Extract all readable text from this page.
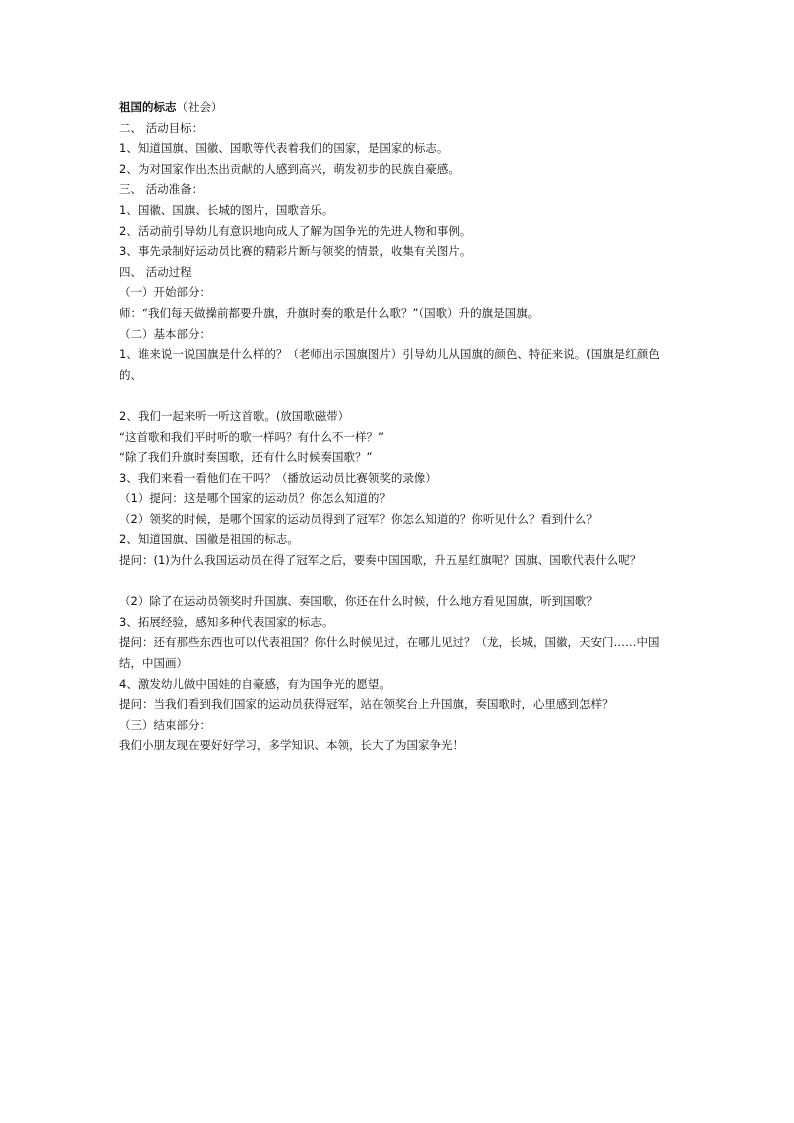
祖国的标志（社会）
二、 活动目标：
1、知道国旗、国徽、国歌等代表着我们的国家，是国家的标志。
2、为对国家作出杰出贡献的人感到高兴，萌发初步的民族自豪感。
三、 活动准备：
1、国徽、国旗、长城的图片，国歌音乐。
2、活动前引导幼儿有意识地向成人了解为国争光的先进人物和事例。
3、事先录制好运动员比赛的精彩片断与领奖的情景，收集有关图片。
四、 活动过程
（一）开始部分：
师：“我们每天做操前都要升旗，升旗时奏的歌是什么歌？”（国歌）升的旗是国旗。
（二）基本部分：
1、谁来说一说国旗是什么样的？（老师出示国旗图片）引导幼儿从国旗的颜色、特征来说。(国旗是红颜色的、
2、我们一起来听一听这首歌。(放国歌磁带）
“这首歌和我们平时听的歌一样吗？有什么不一样？”
“除了我们升旗时奏国歌，还有什么时候奏国歌？”
3、我们来看一看他们在干吗？（播放运动员比赛领奖的录像）
（1）提问：这是哪个国家的运动员？你怎么知道的？
（2）领奖的时候，是哪个国家的运动员得到了冠军？你怎么知道的？你听见什么？看到什么？
2、知道国旗、国徽是祖国的标志。
提问：(1)为什么我国运动员在得了冠军之后，要奏中国国歌，升五星红旗呢？国旗、国歌代表什么呢？
（2）除了在运动员领奖时升国旗、奏国歌，你还在什么时候，什么地方看见国旗，听到国歌？
3、拓展经验，感知多种代表国家的标志。
提问：还有那些东西也可以代表祖国？你什么时候见过，在哪儿见过？（龙，长城，国徽，天安门……中国结，中国画）
4、激发幼儿做中国娃的自豪感，有为国争光的愿望。
提问：当我们看到我们国家的运动员获得冠军，站在领奖台上升国旗，奏国歌时，心里感到怎样？
（三）结束部分：
我们小朋友现在要好好学习，多学知识、本领，长大了为国家争光！
